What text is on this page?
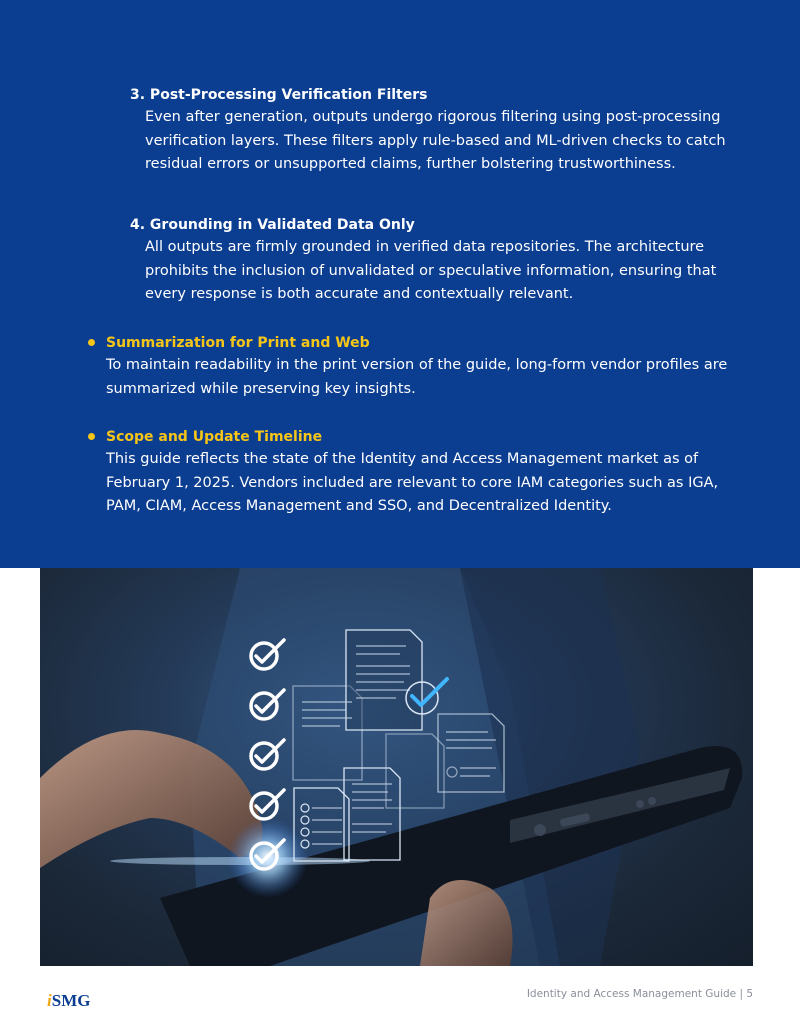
3. Post-Processing Verification Filters
Even after generation, outputs undergo rigorous filtering using post-processing verification layers. These filters apply rule-based and ML-driven checks to catch residual errors or unsupported claims, further bolstering trustworthiness.
4. Grounding in Validated Data Only
All outputs are firmly grounded in verified data repositories. The architecture prohibits the inclusion of unvalidated or speculative information, ensuring that every response is both accurate and contextually relevant.
Summarization for Print and Web
To maintain readability in the print version of the guide, long-form vendor profiles are summarized while preserving key insights.
Scope and Update Timeline
This guide reflects the state of the Identity and Access Management market as of February 1, 2025. Vendors included are relevant to core IAM categories such as IGA, PAM, CIAM, Access Management and SSO, and Decentralized Identity.
i SMG	Identity and Access Management Guide | 5
